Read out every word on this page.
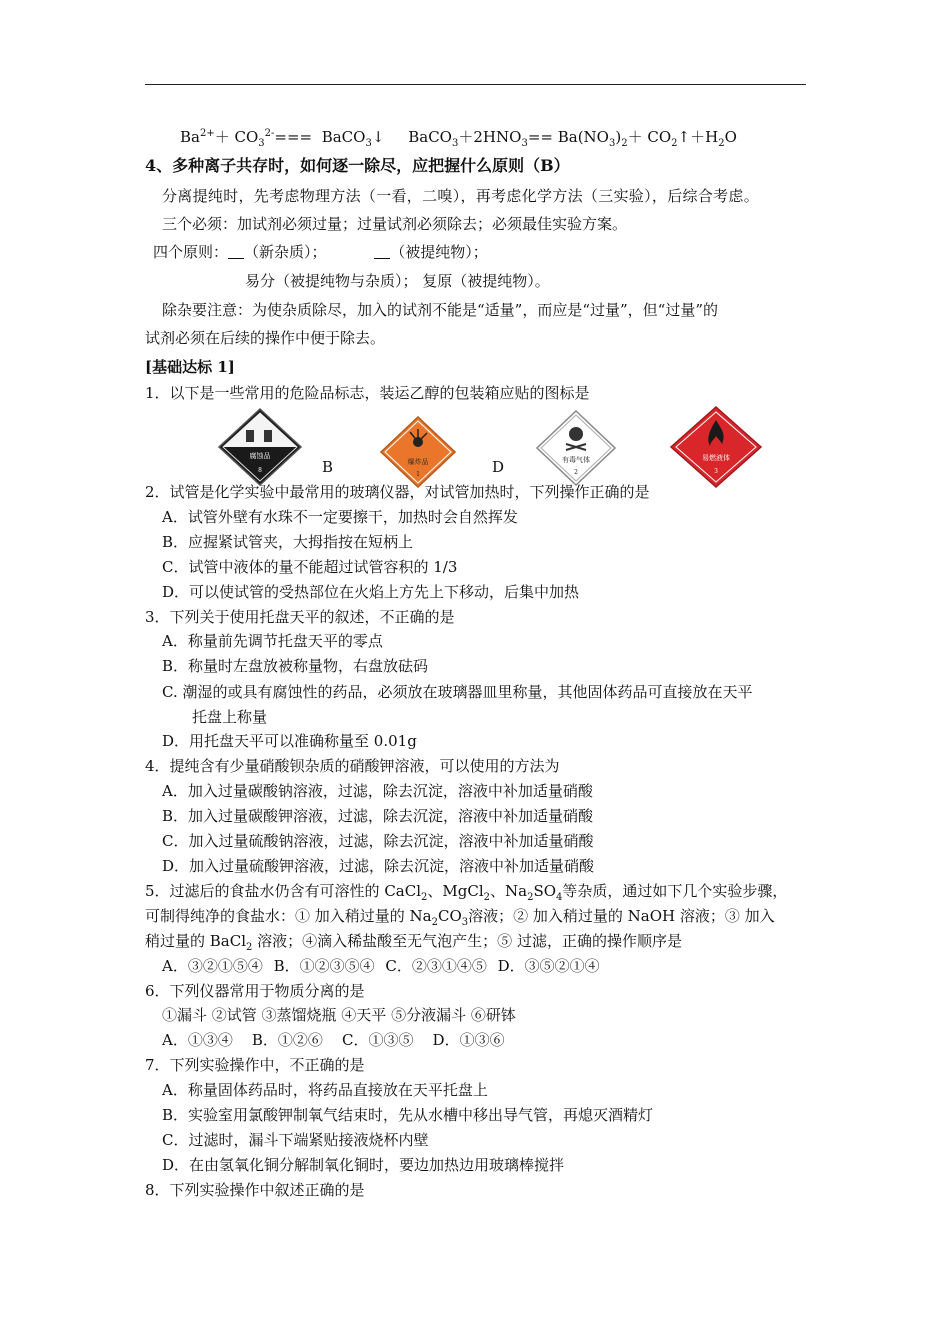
$Ba^{2+}+ CO_3^{2-}===$ BaCO$_3$↓ $BaCO_3+2HNO_3== Ba(NO_3)_2+$ $CO_2↑+H_2O$
4、多种离子共存时，如何逐一除尽，应把握什么原则（B）
分离提纯时，先考虑物理方法（一看，二嗅），再考虑化学方法（三实验），后综合考虑。
三个必须：加试剂必须过量；过量试剂必须除去；必须最佳实验方案。
四个原则： （新杂质）；	（被提纯物）；
易分（被提纯物与杂质）； 复原（被提纯物）。
除杂要注意：为使杂质除尽，加入的试剂不能是“适量”，而应是“过量”，但“过量”的
试剂必须在后续的操作中便于除去。
[基础达标 1]
1．以下是一些常用的危险品标志，装运乙醇的包装箱应贴的图标是
腐蚀品
8	B	爆炸品
1	D	有毒气体
2
易燃液体
3
2．试管是化学实验中最常用的玻璃仪器，对试管加热时，下列操作正确的是
A．试管外壁有水珠不一定要擦干，加热时会自然挥发
B．应握紧试管夹，大拇指按在短柄上
C．试管中液体的量不能超过试管容积的 1/3
D．可以使试管的受热部位在火焰上方先上下移动，后集中加热
3．下列关于使用托盘天平的叙述，不正确的是
A．称量前先调节托盘天平的零点
B．称量时左盘放被称量物，右盘放砝码
C. 潮湿的或具有腐蚀性的药品，必须放在玻璃器皿里称量，其他固体药品可直接放在天平
托盘上称量
D．用托盘天平可以准确称量至 0.01g
4．提纯含有少量硝酸钡杂质的硝酸钾溶液，可以使用的方法为
A．加入过量碳酸钠溶液，过滤，除去沉淀，溶液中补加适量硝酸
B．加入过量碳酸钾溶液，过滤，除去沉淀，溶液中补加适量硝酸
C．加入过量硫酸钠溶液，过滤，除去沉淀，溶液中补加适量硝酸
D．加入过量硫酸钾溶液，过滤，除去沉淀，溶液中补加适量硝酸
5．过滤后的食盐水仍含有可溶性的 CaCl$_2$、MgCl$_2$、$Na_2SO_4$等杂质，通过如下几个实验步骤，
可制得纯净的食盐水：① 加入稍过量的 $Na_2CO_3$溶液；② 加入稍过量的 NaOH 溶液；③ 加入
稍过量的 BaCl$_2$ 溶液；④滴入稀盐酸至无气泡产生；⑤ 过滤，正确的操作顺序是
A．③②①⑤④ B．①②③⑤④ C．②③①④⑤ D．③⑤②①④
6．下列仪器常用于物质分离的是
①漏斗 ②试管 ③蒸馏烧瓶 ④天平 ⑤分液漏斗 ⑥研钵
A．①③④    B．①②⑥    C．①③⑤    D．①③⑥
7．下列实验操作中，不正确的是
A．称量固体药品时，将药品直接放在天平托盘上
B．实验室用氯酸钾制氧气结束时，先从水槽中移出导气管，再熄灭酒精灯
C．过滤时，漏斗下端紧贴接液烧杯内壁
D．在由氢氧化铜分解制氧化铜时，要边加热边用玻璃棒搅拌
8．下列实验操作中叙述正确的是
